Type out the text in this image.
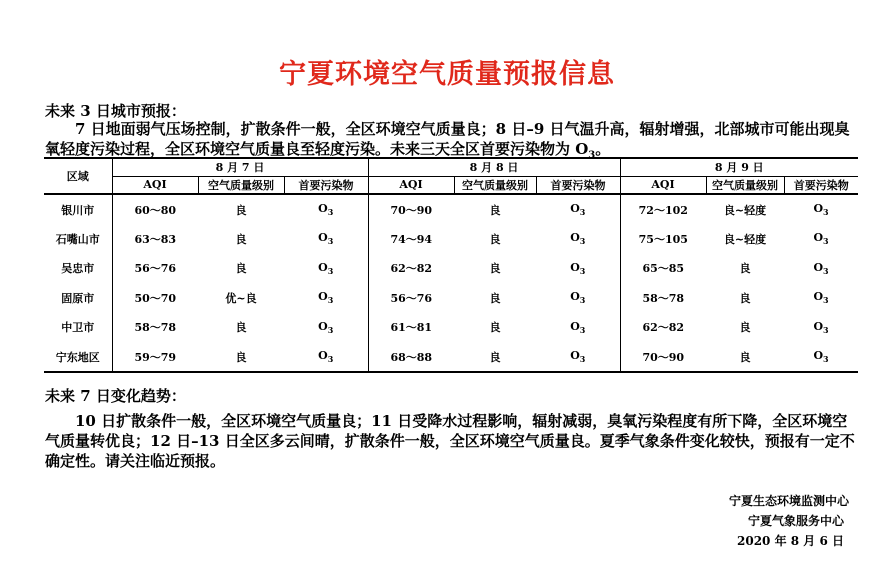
宁夏环境空气质量预报信息
未来 3 日城市预报：
7 日地面弱气压场控制，扩散条件一般，全区环境空气质量良；8 日–9 日气温升高，辐射增强，北部城市可能出现臭氧轻度污染过程，全区环境空气质量良至轻度污染。未来三天全区首要污染物为 $O_3$。
区域	8 月 7 日			8 月 8 日			8 月 9 日		
	AQI	空气质量级别	首要污染物	AQI	空气质量级别	首要污染物	AQI	空气质量级别	首要污染物
银川市	60～80	良	$O_3$	70～90	良	$O_3$	72～102	良~轻度	$O_3$
石嘴山市	63～83	良	$O_3$	74～94	良	$O_3$	75～105	良~轻度	$O_3$
吴忠市	56～76	良	$O_3$	62～82	良	$O_3$	65～85	良	$O_3$
固原市	50～70	优~良	$O_3$	56～76	良	$O_3$	58～78	良	$O_3$
中卫市	58～78	良	$O_3$	61～81	良	$O_3$	62～82	良	$O_3$
宁东地区	59～79	良	$O_3$	68～88	良	$O_3$	70～90	良	$O_3$
未来 7 日变化趋势：
10 日扩散条件一般，全区环境空气质量良；11 日受降水过程影响，辐射减弱，臭氧污染程度有所下降，全区环境空气质量转优良；12 日–13 日全区多云间晴，扩散条件一般，全区环境空气质量良。夏季气象条件变化较快，预报有一定不确定性。请关注临近预报。
宁夏生态环境监测中心
宁夏气象服务中心
2020 年 8 月 6 日
